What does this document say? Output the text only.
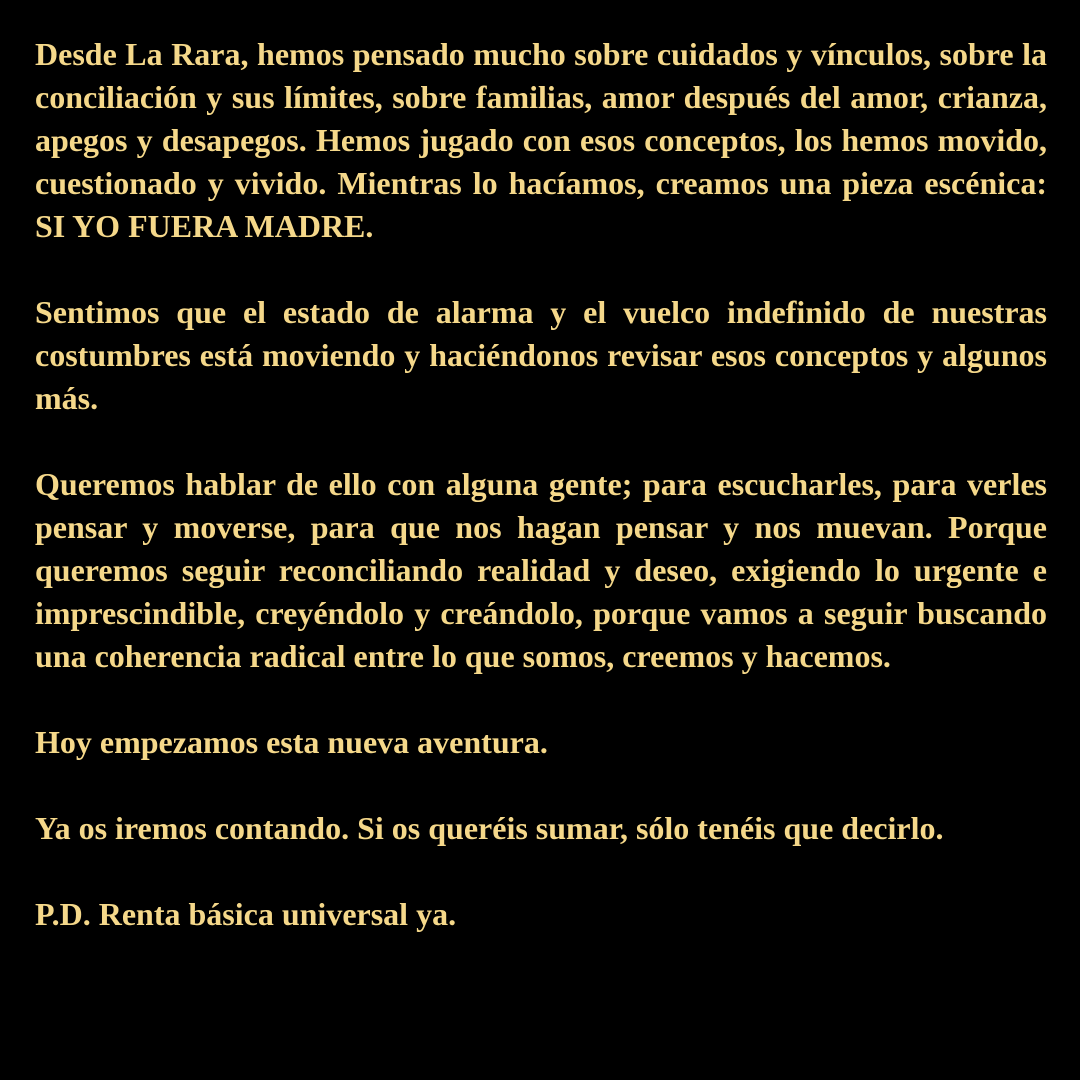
Desde La Rara, hemos pensado mucho sobre cuidados y vínculos, sobre la conciliación y sus límites, sobre familias, amor después del amor, crianza, apegos y desapegos. Hemos jugado con esos conceptos, los hemos movido, cuestionado y vivido. Mientras lo hacíamos, creamos una pieza escénica: SI YO FUERA MADRE.

Sentimos que el estado de alarma y el vuelco indefinido de nuestras costumbres está moviendo y haciéndonos revisar esos conceptos y algunos más.

Queremos hablar de ello con alguna gente; para escucharles, para verles pensar y moverse, para que nos hagan pensar y nos muevan. Porque queremos seguir reconciliando realidad y deseo, exigiendo lo urgente e imprescindible, creyéndolo y creándolo, porque vamos a seguir buscando una coherencia radical entre lo que somos, creemos y hacemos.

Hoy empezamos esta nueva aventura.

Ya os iremos contando. Si os queréis sumar, sólo tenéis que decirlo.

P.D. Renta básica universal ya.
